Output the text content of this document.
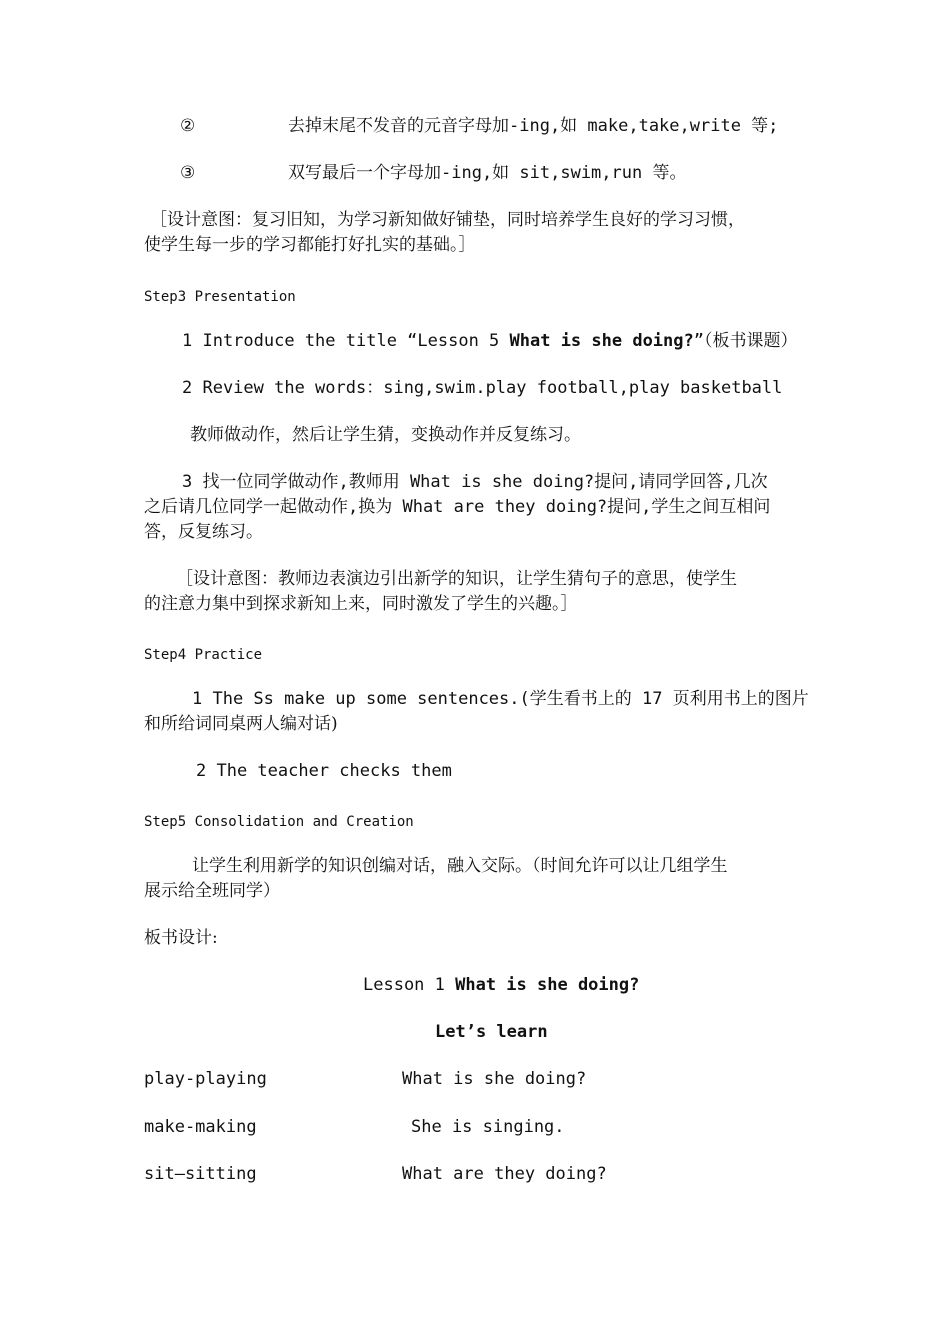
②	去掉末尾不发音的元音字母加-ing,如 make,take,write 等;
③	双写最后一个字母加-ing,如 sit,swim,run 等。
［设计意图：复习旧知，为学习新知做好铺垫，同时培养学生良好的学习习惯，
使学生每一步的学习都能打好扎实的基础。］
Step3 Presentation
1 Introduce the title “Lesson 5 What is she doing?”（板书课题）
2 Review the words：sing,swim.play football,play basketball
教师做动作，然后让学生猜，变换动作并反复练习。
3 找一位同学做动作,教师用 What is she doing?提问,请同学回答,几次
之后请几位同学一起做动作,换为 What are they doing?提问,学生之间互相问
答，反复练习。
［设计意图：教师边表演边引出新学的知识，让学生猜句子的意思，使学生
的注意力集中到探求新知上来，同时激发了学生的兴趣。］
Step4 Practice
1 The Ss make up some sentences.(学生看书上的 17 页利用书上的图片
和所给词同桌两人编对话)
2 The teacher checks them
Step5 Consolidation and Creation
让学生利用新学的知识创编对话，融入交际。（时间允许可以让几组学生
展示给全班同学）
板书设计:
Lesson 1 What is she doing?
Let’s learn
play-playing	What is she doing?
make-making	She is singing.
sit—sitting	What are they doing?
